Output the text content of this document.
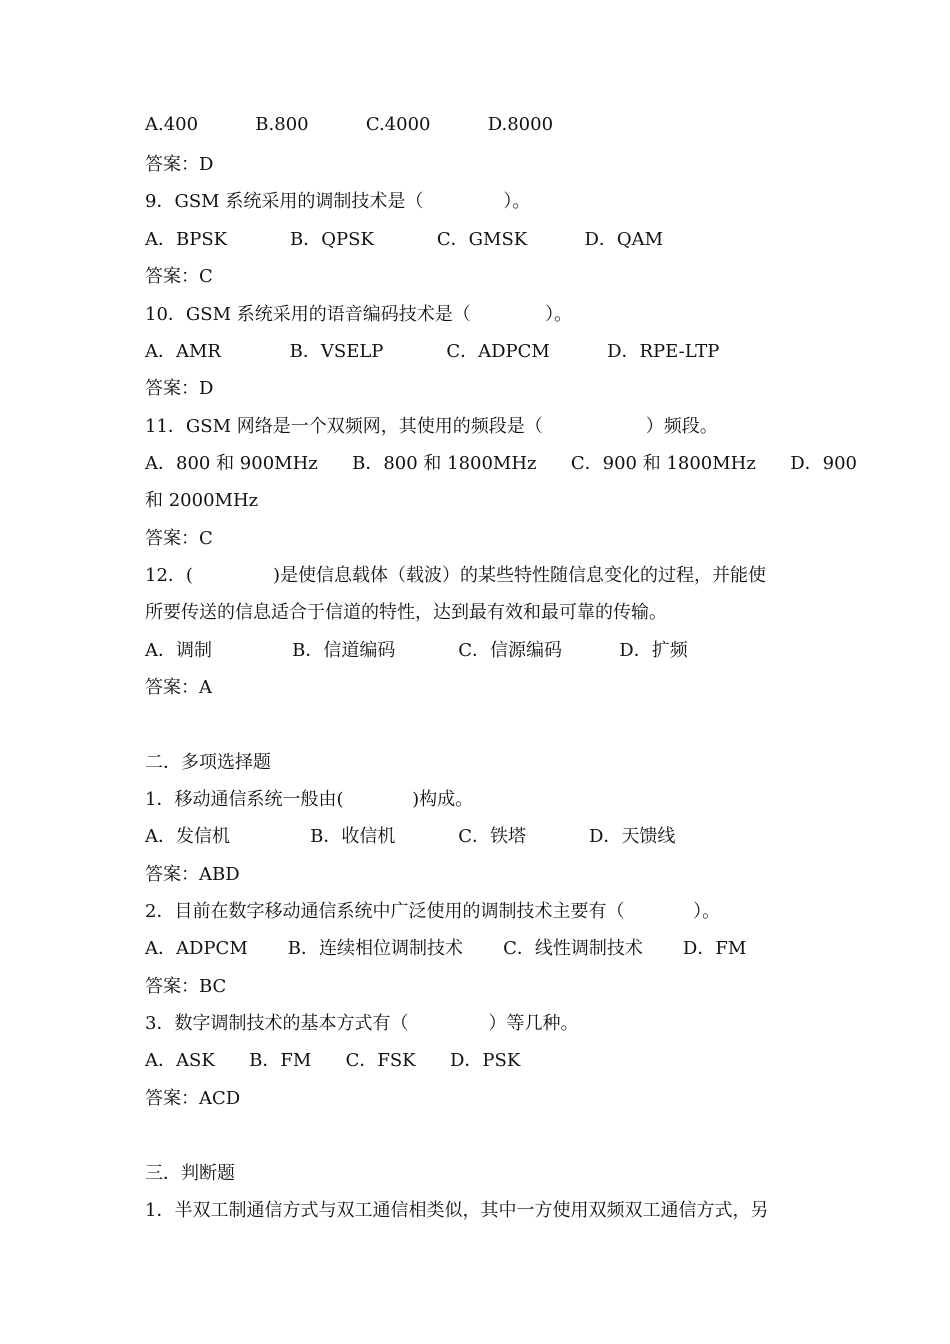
A.400          B.800          C.4000          D.8000
答案：D
9．GSM 系统采用的调制技术是（              ）。
A．BPSK           B．QPSK           C．GMSK          D．QAM
答案：C
10．GSM 系统采用的语音编码技术是（             ）。
A．AMR            B．VSELP           C．ADPCM          D．RPE-LTP
答案：D
11．GSM 网络是一个双频网，其使用的频段是（                  ）频段。
A．800 和 900MHz      B．800 和 1800MHz      C．900 和 1800MHz      D．900
和 2000MHz
答案：C
12．(              )是使信息载体（载波）的某些特性随信息变化的过程，并能使
所要传送的信息适合于信道的特性，达到最有效和最可靠的传输。
A．调制              B．信道编码           C．信源编码          D．扩频
答案：A
二．多项选择题
1．移动通信系统一般由(            )构成。
A．发信机              B．收信机           C．铁塔           D．天馈线
答案：ABD
2．目前在数字移动通信系统中广泛使用的调制技术主要有（            ）。
A．ADPCM       B．连续相位调制技术       C．线性调制技术       D．FM
答案：BC
3．数字调制技术的基本方式有（              ）等几种。
A．ASK      B．FM      C．FSK      D．PSK
答案：ACD
三．判断题
1．半双工制通信方式与双工通信相类似，其中一方使用双频双工通信方式，另
